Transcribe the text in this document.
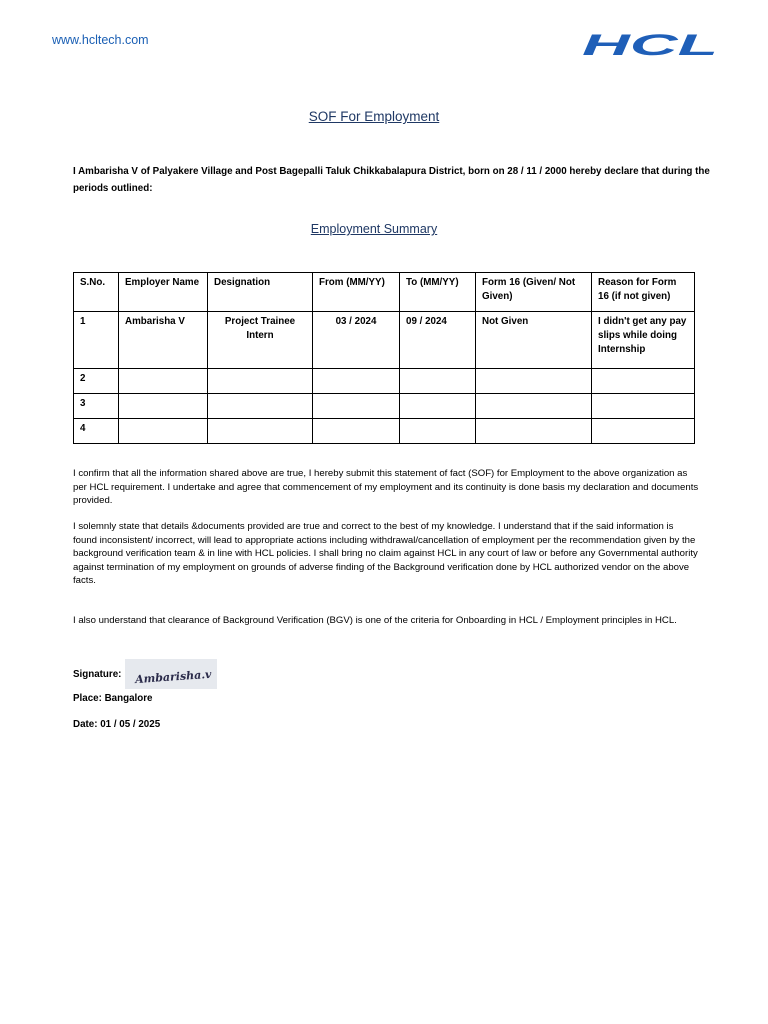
www.hcltech.com	HCL
SOF For Employment
I Ambarisha V of Palyakere Village and Post Bagepalli Taluk Chikkabalapura District, born on 28 / 11 / 2000 hereby declare that during the periods outlined:
Employment Summary
S.No.	Employer Name	Designation	From (MM/YY)	To (MM/YY)	Form 16 (Given/ Not Given)	Reason for Form 16 (if not given)
1	Ambarisha V	Project Trainee Intern	03 / 2024	09 / 2024	Not Given	I didn't get any pay slips while doing Internship
2						
3						
4						
I confirm that all the information shared above are true, I hereby submit this statement of fact (SOF) for Employment to the above organization as per HCL requirement. I undertake and agree that commencement of my employment and its continuity is done basis my declaration and documents provided.
I solemnly state that details &documents provided are true and correct to the best of my knowledge. I understand that if the said information is found inconsistent/ incorrect, will lead to appropriate actions including withdrawal/cancellation of employment per the recommendation given by the background verification team & in line with HCL policies. I shall bring no claim against HCL in any court of law or before any Governmental authority against termination of my employment on grounds of adverse finding of the Background verification done by HCL authorized vendor on the above facts.
I also understand that clearance of Background Verification (BGV) is one of the criteria for Onboarding in HCL / Employment principles in HCL.
Signature: Ambarisha.v
Place: Bangalore
Date: 01 / 05 / 2025
